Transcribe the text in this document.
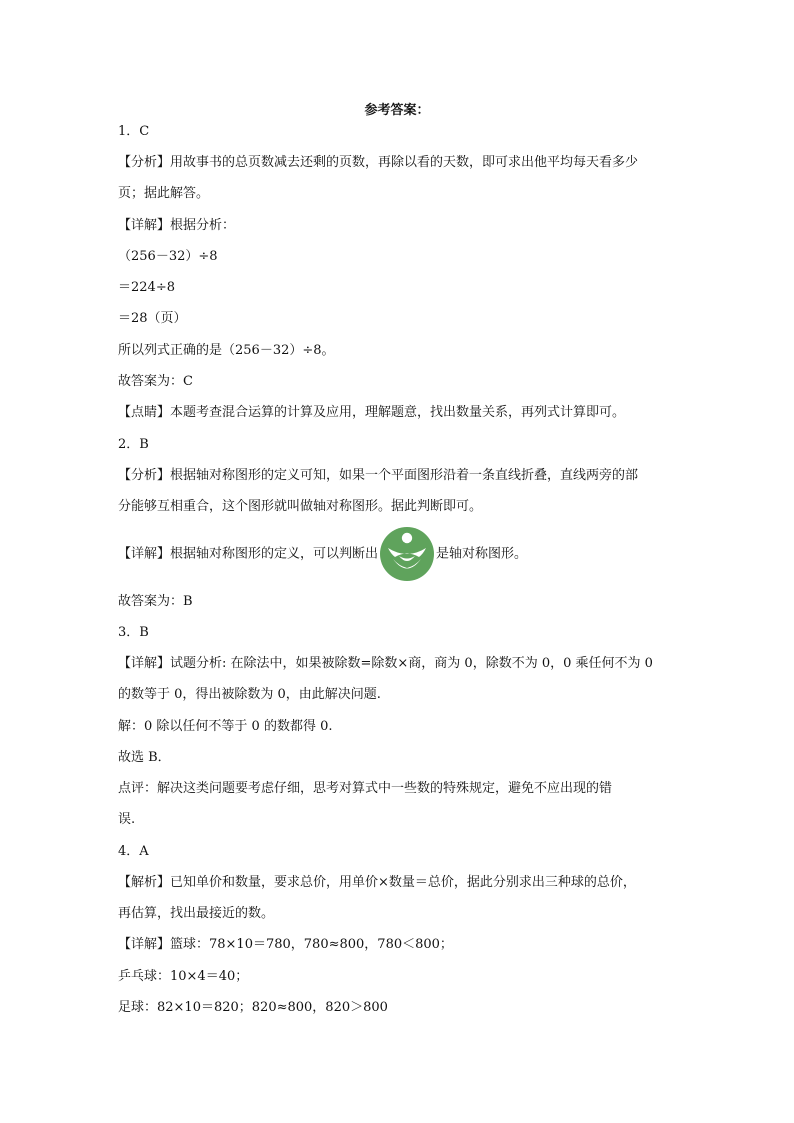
参考答案：
1．C
【分析】用故事书的总页数减去还剩的页数，再除以看的天数，即可求出他平均每天看多少
页；据此解答。
【详解】根据分析：
（256－32）÷8
＝224÷8
＝28（页）
所以列式正确的是（256－32）÷8。
故答案为：C
【点睛】本题考查混合运算的计算及应用，理解题意，找出数量关系，再列式计算即可。
2．B
【分析】根据轴对称图形的定义可知，如果一个平面图形沿着一条直线折叠，直线两旁的部
分能够互相重合，这个图形就叫做轴对称图形。据此判断即可。
故答案为：B
3．B
【详解】试题分析: 在除法中，如果被除数=除数×商，商为 0，除数不为 0，0 乘任何不为 0
的数等于 0，得出被除数为 0，由此解决问题.
解：0 除以任何不等于 0 的数都得 0.
故选 B．
点评：解决这类问题要考虑仔细，思考对算式中一些数的特殊规定，避免不应出现的错
误.
4．A
【解析】已知单价和数量，要求总价，用单价×数量＝总价，据此分别求出三种球的总价，
再估算，找出最接近的数。
【详解】篮球：78×10＝780，780≈800，780＜800；
乒乓球：10×4＝40；
足球：82×10＝820；820≈800，820＞800
【详解】根据轴对称图形的定义，可以判断出	是轴对称图形。
